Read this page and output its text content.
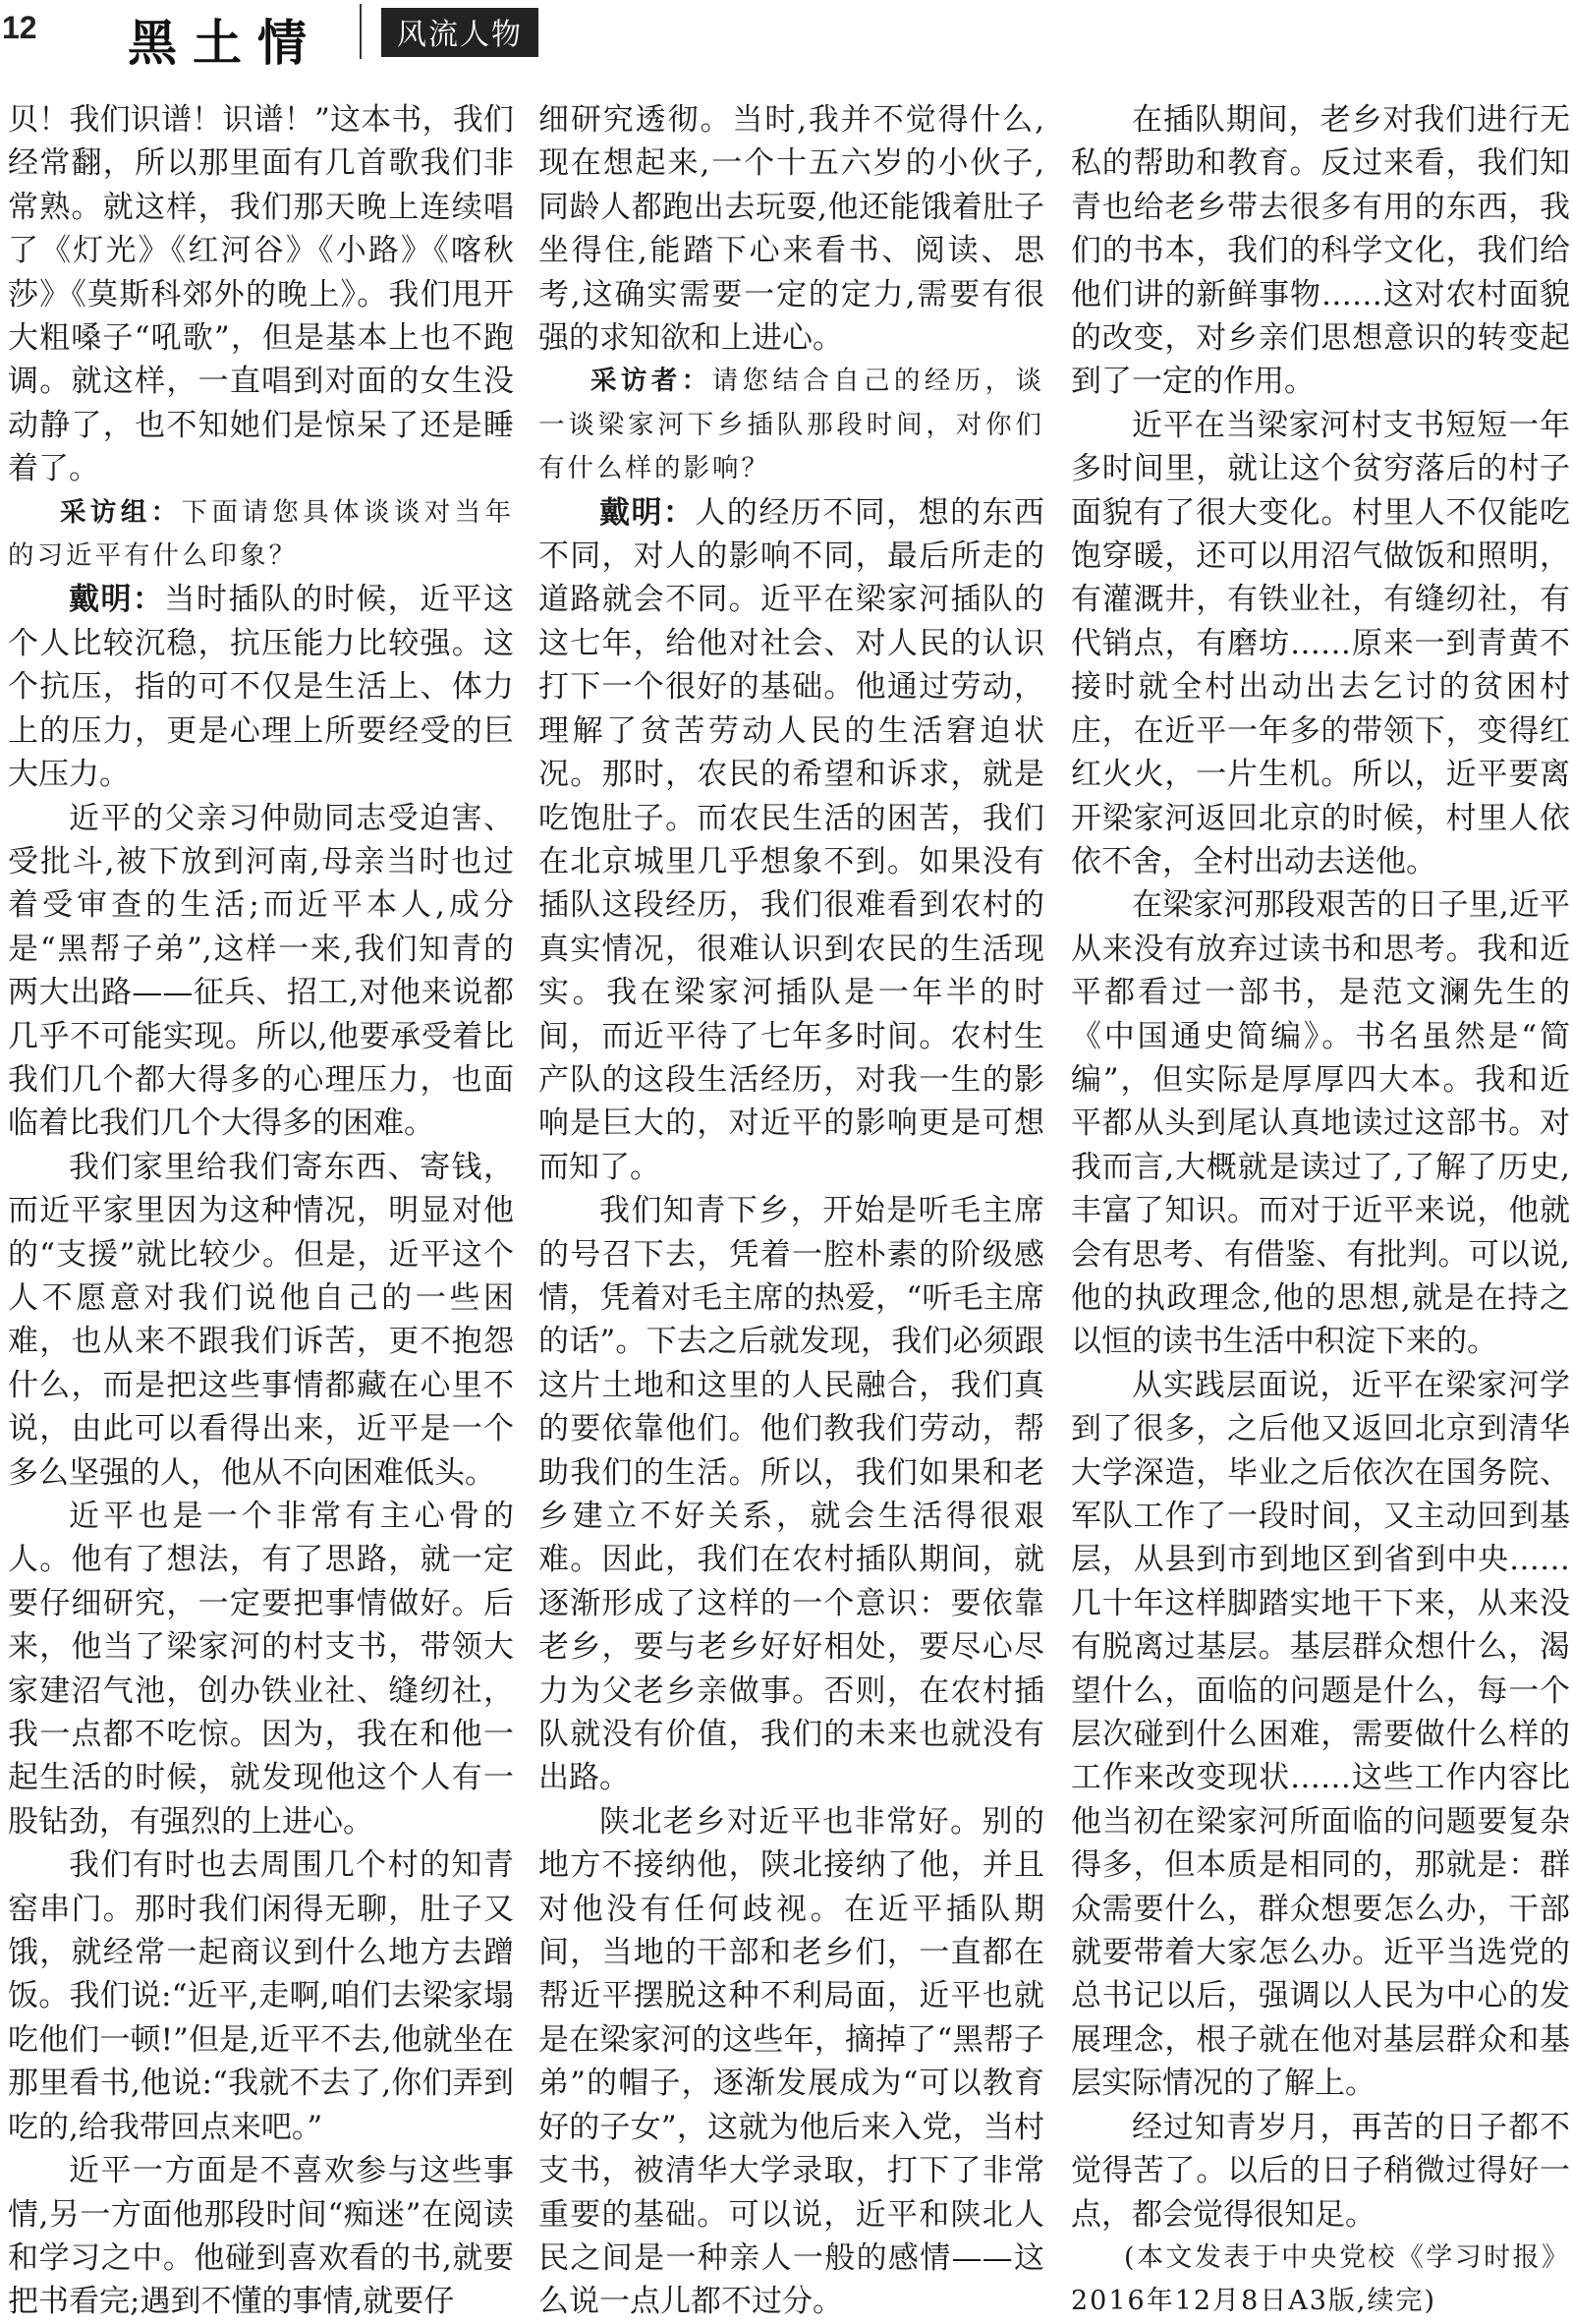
12 黑土情	风流人物

贝！我们识谱！识谱！”这本书，我们经常翻，所以那里面有几首歌我们非常熟。就这样，我们那天晚上连续唱了《灯光》《红河谷》《小路》《喀秋莎》《莫斯科郊外的晚上》。我们甩开大粗嗓子“吼歌”，但是基本上也不跑调。就这样，一直唱到对面的女生没动静了，也不知她们是惊呆了还是睡着了。

采访组：下面请您具体谈谈对当年的习近平有什么印象？

戴明：当时插队的时候，近平这个人比较沉稳，抗压能力比较强。这个抗压，指的可不仅是生活上、体力上的压力，更是心理上所要经受的巨大压力。

近平的父亲习仲勋同志受迫害、受批斗,被下放到河南,母亲当时也过着受审查的生活;而近平本人,成分是“黑帮子弟”,这样一来,我们知青的两大出路——征兵、招工,对他来说都几乎不可能实现。所以,他要承受着比我们几个都大得多的心理压力，也面临着比我们几个大得多的困难。

我们家里给我们寄东西、寄钱，而近平家里因为这种情况，明显对他的“支援”就比较少。但是，近平这个人不愿意对我们说他自己的一些困难，也从来不跟我们诉苦，更不抱怨什么，而是把这些事情都藏在心里不说，由此可以看得出来，近平是一个多么坚强的人，他从不向困难低头。

近平也是一个非常有主心骨的人。他有了想法，有了思路，就一定要仔细研究，一定要把事情做好。后来，他当了梁家河的村支书，带领大家建沼气池，创办铁业社、缝纫社，我一点都不吃惊。因为，我在和他一起生活的时候，就发现他这个人有一股钻劲，有强烈的上进心。

我们有时也去周围几个村的知青窑串门。那时我们闲得无聊，肚子又饿，就经常一起商议到什么地方去蹭饭。我们说:“近平,走啊,咱们去梁家塌吃他们一顿!”但是,近平不去,他就坐在那里看书,他说:“我就不去了,你们弄到吃的,给我带回点来吧。”

近平一方面是不喜欢参与这些事情,另一方面他那段时间“痴迷”在阅读和学习之中。他碰到喜欢看的书,就要把书看完;遇到不懂的事情,就要仔

细研究透彻。当时,我并不觉得什么,现在想起来,一个十五六岁的小伙子,同龄人都跑出去玩耍,他还能饿着肚子坐得住,能踏下心来看书、阅读、思考,这确实需要一定的定力,需要有很强的求知欲和上进心。

采访者：请您结合自己的经历，谈一谈梁家河下乡插队那段时间，对你们有什么样的影响？

戴明：人的经历不同，想的东西不同，对人的影响不同，最后所走的道路就会不同。近平在梁家河插队的这七年，给他对社会、对人民的认识打下一个很好的基础。他通过劳动，理解了贫苦劳动人民的生活窘迫状况。那时，农民的希望和诉求，就是吃饱肚子。而农民生活的困苦，我们在北京城里几乎想象不到。如果没有插队这段经历，我们很难看到农村的真实情况，很难认识到农民的生活现实。我在梁家河插队是一年半的时间，而近平待了七年多时间。农村生产队的这段生活经历，对我一生的影响是巨大的，对近平的影响更是可想而知了。

我们知青下乡，开始是听毛主席的号召下去，凭着一腔朴素的阶级感情，凭着对毛主席的热爱，“听毛主席的话”。下去之后就发现，我们必须跟这片土地和这里的人民融合，我们真的要依靠他们。他们教我们劳动，帮助我们的生活。所以，我们如果和老乡建立不好关系，就会生活得很艰难。因此，我们在农村插队期间，就逐渐形成了这样的一个意识：要依靠老乡，要与老乡好好相处，要尽心尽力为父老乡亲做事。否则，在农村插队就没有价值，我们的未来也就没有出路。

陕北老乡对近平也非常好。别的地方不接纳他，陕北接纳了他，并且对他没有任何歧视。在近平插队期间，当地的干部和老乡们，一直都在帮近平摆脱这种不利局面，近平也就是在梁家河的这些年，摘掉了“黑帮子弟”的帽子，逐渐发展成为“可以教育好的子女”，这就为他后来入党，当村支书，被清华大学录取，打下了非常重要的基础。可以说，近平和陕北人民之间是一种亲人一般的感情——这么说一点儿都不过分。

在插队期间，老乡对我们进行无私的帮助和教育。反过来看，我们知青也给老乡带去很多有用的东西，我们的书本，我们的科学文化，我们给他们讲的新鲜事物……这对农村面貌的改变，对乡亲们思想意识的转变起到了一定的作用。

近平在当梁家河村支书短短一年多时间里，就让这个贫穷落后的村子面貌有了很大变化。村里人不仅能吃饱穿暖，还可以用沼气做饭和照明，有灌溉井，有铁业社，有缝纫社，有代销点，有磨坊……原来一到青黄不接时就全村出动出去乞讨的贫困村庄，在近平一年多的带领下，变得红红火火，一片生机。所以，近平要离开梁家河返回北京的时候，村里人依依不舍，全村出动去送他。

在梁家河那段艰苦的日子里,近平从来没有放弃过读书和思考。我和近平都看过一部书，是范文澜先生的《中国通史简编》。书名虽然是“简编”，但实际是厚厚四大本。我和近平都从头到尾认真地读过这部书。对我而言,大概就是读过了,了解了历史,丰富了知识。而对于近平来说，他就会有思考、有借鉴、有批判。可以说,他的执政理念,他的思想,就是在持之以恒的读书生活中积淀下来的。

从实践层面说，近平在梁家河学到了很多，之后他又返回北京到清华大学深造，毕业之后依次在国务院、军队工作了一段时间，又主动回到基层，从县到市到地区到省到中央……几十年这样脚踏实地干下来，从来没有脱离过基层。基层群众想什么，渴望什么，面临的问题是什么，每一个层次碰到什么困难，需要做什么样的工作来改变现状……这些工作内容比他当初在梁家河所面临的问题要复杂得多，但本质是相同的，那就是：群众需要什么，群众想要怎么办，干部就要带着大家怎么办。近平当选党的总书记以后，强调以人民为中心的发展理念，根子就在他对基层群众和基层实际情况的了解上。

经过知青岁月，再苦的日子都不觉得苦了。以后的日子稍微过得好一点，都会觉得很知足。

(本文发表于中央党校《学习时报》2016年12月8日A3版,续完)
